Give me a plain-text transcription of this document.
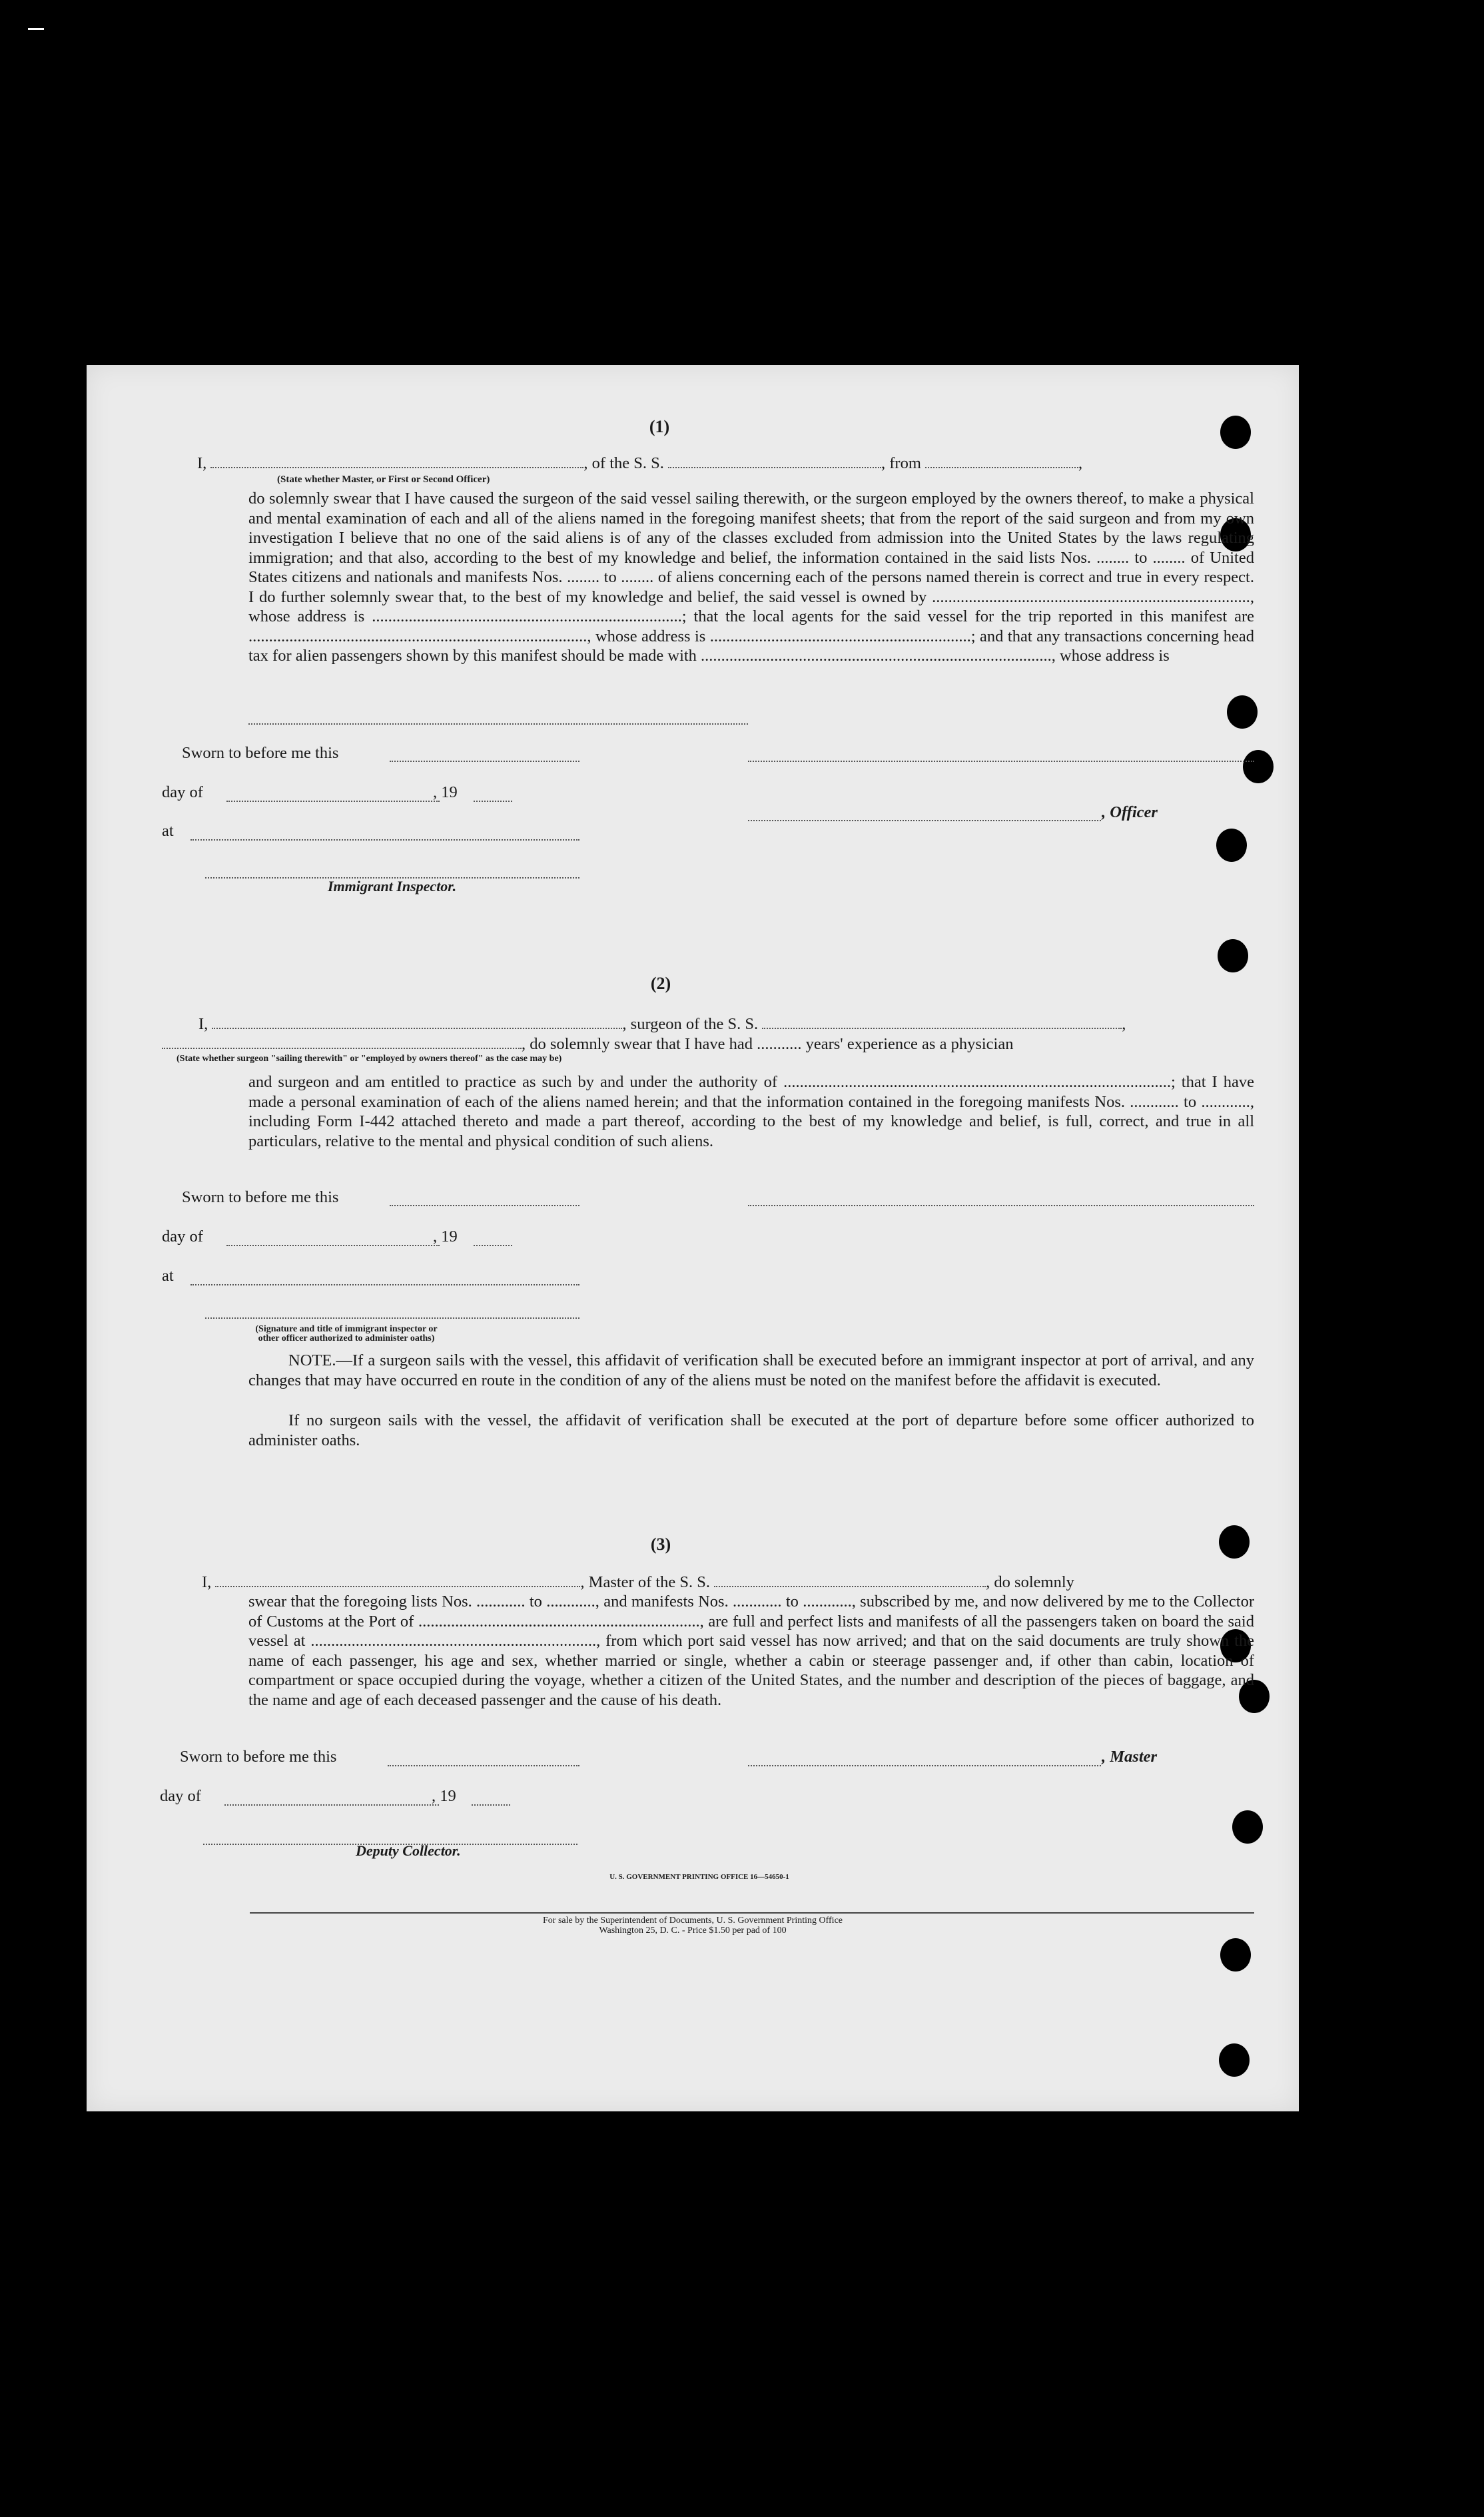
(1)
I,	, of the S. S.	, from	,
(State whether Master, or First or Second Officer)
do solemnly swear that I have caused the surgeon of the said vessel sailing therewith, or the surgeon employed by the owners thereof, to make a physical and mental examination of each and all of the aliens named in the foregoing manifest sheets; that from the report of the said surgeon and from my own investigation I believe that no one of the said aliens is of any of the classes excluded from admission into the United States by the laws regulating immigration; and that also, according to the best of my knowledge and belief, the information contained in the said lists Nos. ........ to ........ of United States citizens and nationals and manifests Nos. ........ to ........ of aliens concerning each of the persons named therein is correct and true in every respect. I do further solemnly swear that, to the best of my knowledge and belief, the said vessel is owned by .............................................................................., whose address is ............................................................................; that the local agents for the said vessel for the trip reported in this manifest are ..................................................................................., whose address is ................................................................; and that any transactions concerning head tax for alien passengers shown by this manifest should be made with ......................................................................................, whose address is
Sworn to before me this
day of	, 19
, Officer
at
Immigrant Inspector.
(2)
I,	, surgeon of the S. S.	,
, do solemnly swear that I have had ........... years' experience as a physician
(State whether surgeon "sailing therewith" or "employed by owners thereof" as the case may be)
and surgeon and am entitled to practice as such by and under the authority of ...............................................................................................; that I have made a personal examination of each of the aliens named herein; and that the information contained in the foregoing manifests Nos. ............ to ............, including Form I-442 attached thereto and made a part thereof, according to the best of my knowledge and belief, is full, correct, and true in all particulars, relative to the mental and physical condition of such aliens.
Sworn to before me this
day of	, 19
at
(Signature and title of immigrant inspector or
other officer authorized to administer oaths)
NOTE.—If a surgeon sails with the vessel, this affidavit of verification shall be executed before an immigrant inspector at port of arrival, and any changes that may have occurred en route in the condition of any of the aliens must be noted on the manifest before the affidavit is executed.
If no surgeon sails with the vessel, the affidavit of verification shall be executed at the port of departure before some officer authorized to administer oaths.
(3)
I,	, Master of the S. S.	, do solemnly
swear that the foregoing lists Nos. ............ to ............, and manifests Nos. ............ to ............, subscribed by me, and now delivered by me to the Collector of Customs at the Port of ....................................................................., are full and perfect lists and manifests of all the passengers taken on board the said vessel at ......................................................................, from which port said vessel has now arrived; and that on the said documents are truly shown the name of each passenger, his age and sex, whether married or single, whether a cabin or steerage passenger and, if other than cabin, location of compartment or space occupied during the voyage, whether a citizen of the United States, and the number and description of the pieces of baggage, and the name and age of each deceased passenger and the cause of his death.
Sworn to before me this	, Master
day of	, 19
Deputy Collector.
U. S. GOVERNMENT PRINTING OFFICE 16—54650-1
For sale by the Superintendent of Documents, U. S. Government Printing Office
Washington 25, D. C. - Price $1.50 per pad of 100
